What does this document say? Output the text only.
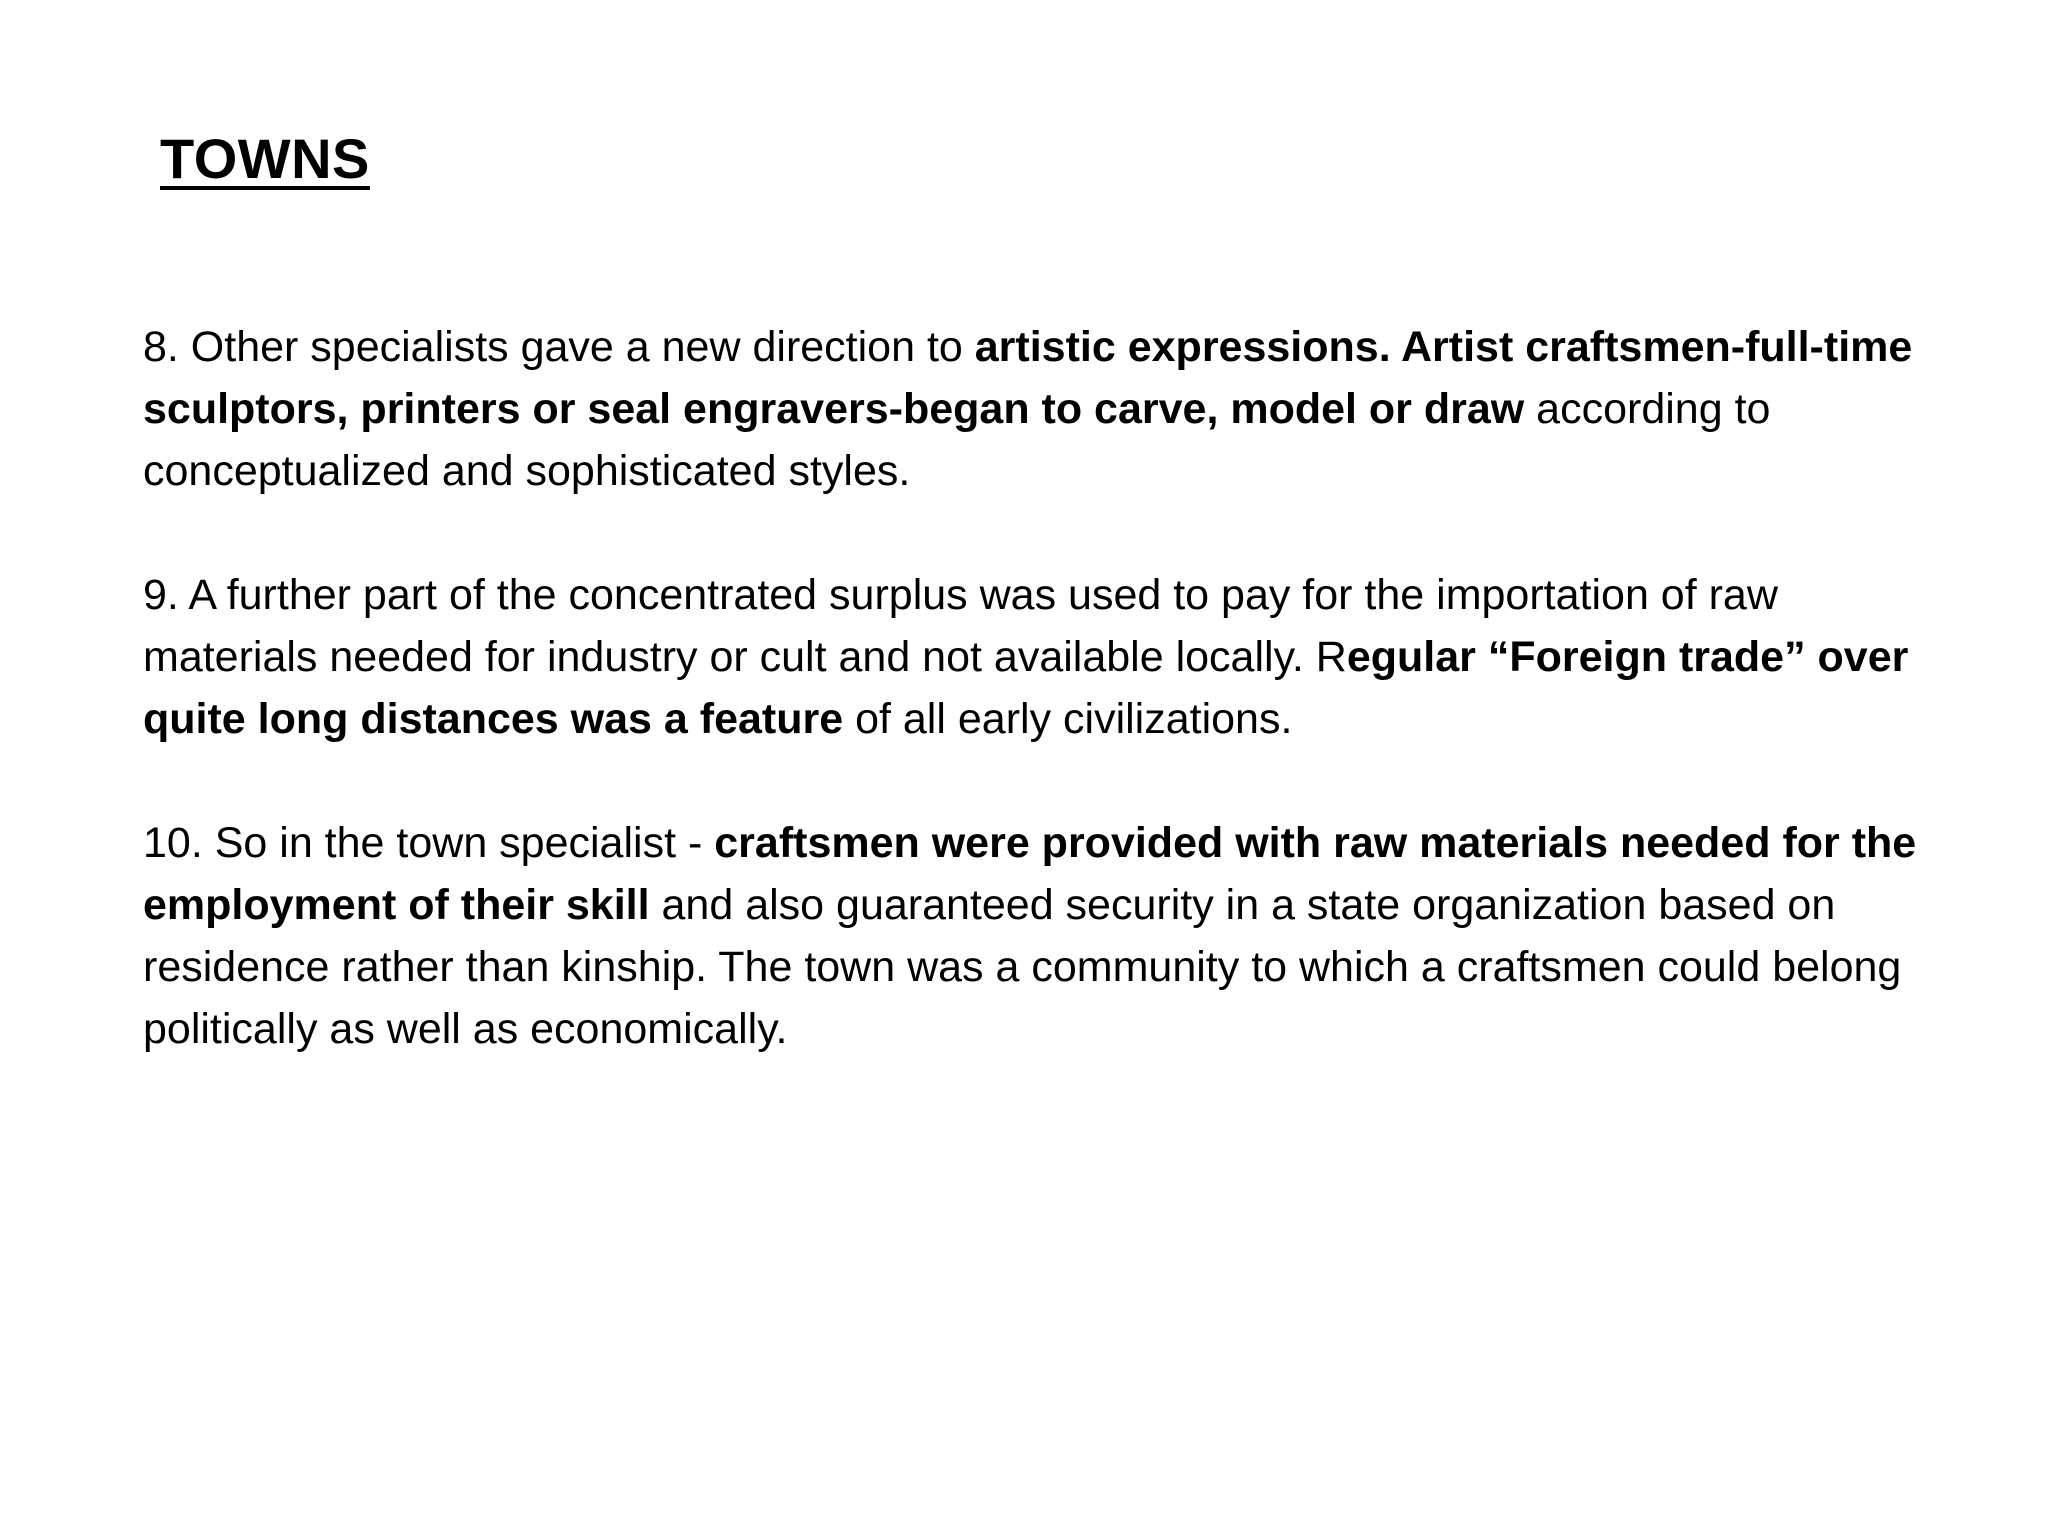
TOWNS

8. Other specialists gave a new direction to artistic expressions. Artist craftsmen-full-time sculptors, printers or seal engravers-began to carve, model or draw according to conceptualized and sophisticated styles.

9. A further part of the concentrated surplus was used to pay for the importation of raw materials needed for industry or cult and not available locally. Regular “Foreign trade” over quite long distances was a feature of all early civilizations.

10. So in the town specialist - craftsmen were provided with raw materials needed for the employment of their skill and also guaranteed security in a state organization based on residence rather than kinship. The town was a community to which a craftsmen could belong politically as well as economically.
